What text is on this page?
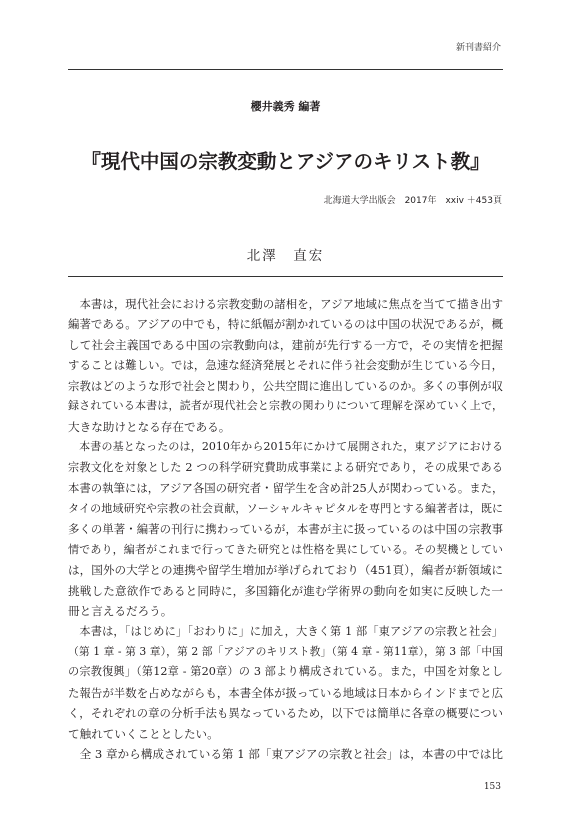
新刊書紹介
櫻井義秀 編著
『現代中国の宗教変動とアジアのキリスト教』
北海道大学出版会　2017年　xxiv ＋453頁
北澤　直宏
　本書は，現代社会における宗教変動の諸相を，アジア地域に焦点を当てて描き出す
編著である。アジアの中でも，特に紙幅が割かれているのは中国の状況であるが，概
して社会主義国である中国の宗教動向は，建前が先行する一方で，その実情を把握
することは難しい。では，急速な経済発展とそれに伴う社会変動が生じている今日，
宗教はどのような形で社会と関わり，公共空間に進出しているのか。多くの事例が収
録されている本書は，読者が現代社会と宗教の関わりについて理解を深めていく上で，
大きな助けとなる存在である。
　本書の基となったのは，2010年から2015年にかけて展開された，東アジアにおける
宗教文化を対象とした 2 つの科学研究費助成事業による研究であり，その成果である
本書の執筆には，アジア各国の研究者・留学生を含め計25人が関わっている。また，
タイの地域研究や宗教の社会貢献，ソーシャルキャピタルを専門とする編著者は，既に
多くの単著・編著の刊行に携わっているが，本書が主に扱っているのは中国の宗教事
情であり，編者がこれまで行ってきた研究とは性格を異にしている。その契機としてい
は，国外の大学との連携や留学生増加が挙げられており（451頁），編者が新領域に
挑戦した意欲作であると同時に，多国籍化が進む学術界の動向を如実に反映した一
冊と言えるだろう。
　本書は，「はじめに」「おわりに」に加え，大きく第 1 部「東アジアの宗教と社会」
（第 1 章 - 第 3 章），第 2 部「アジアのキリスト教」（第 4 章 - 第11章），第 3 部「中国
の宗教復興」（第12章 - 第20章）の 3 部より構成されている。また，中国を対象とし
た報告が半数を占めながらも，本書全体が扱っている地域は日本からインドまでと広
く，それぞれの章の分析手法も異なっているため，以下では簡単に各章の概要につい
て触れていくこととしたい。
　全 3 章から構成されている第 1 部「東アジアの宗教と社会」は，本書の中では比
153
